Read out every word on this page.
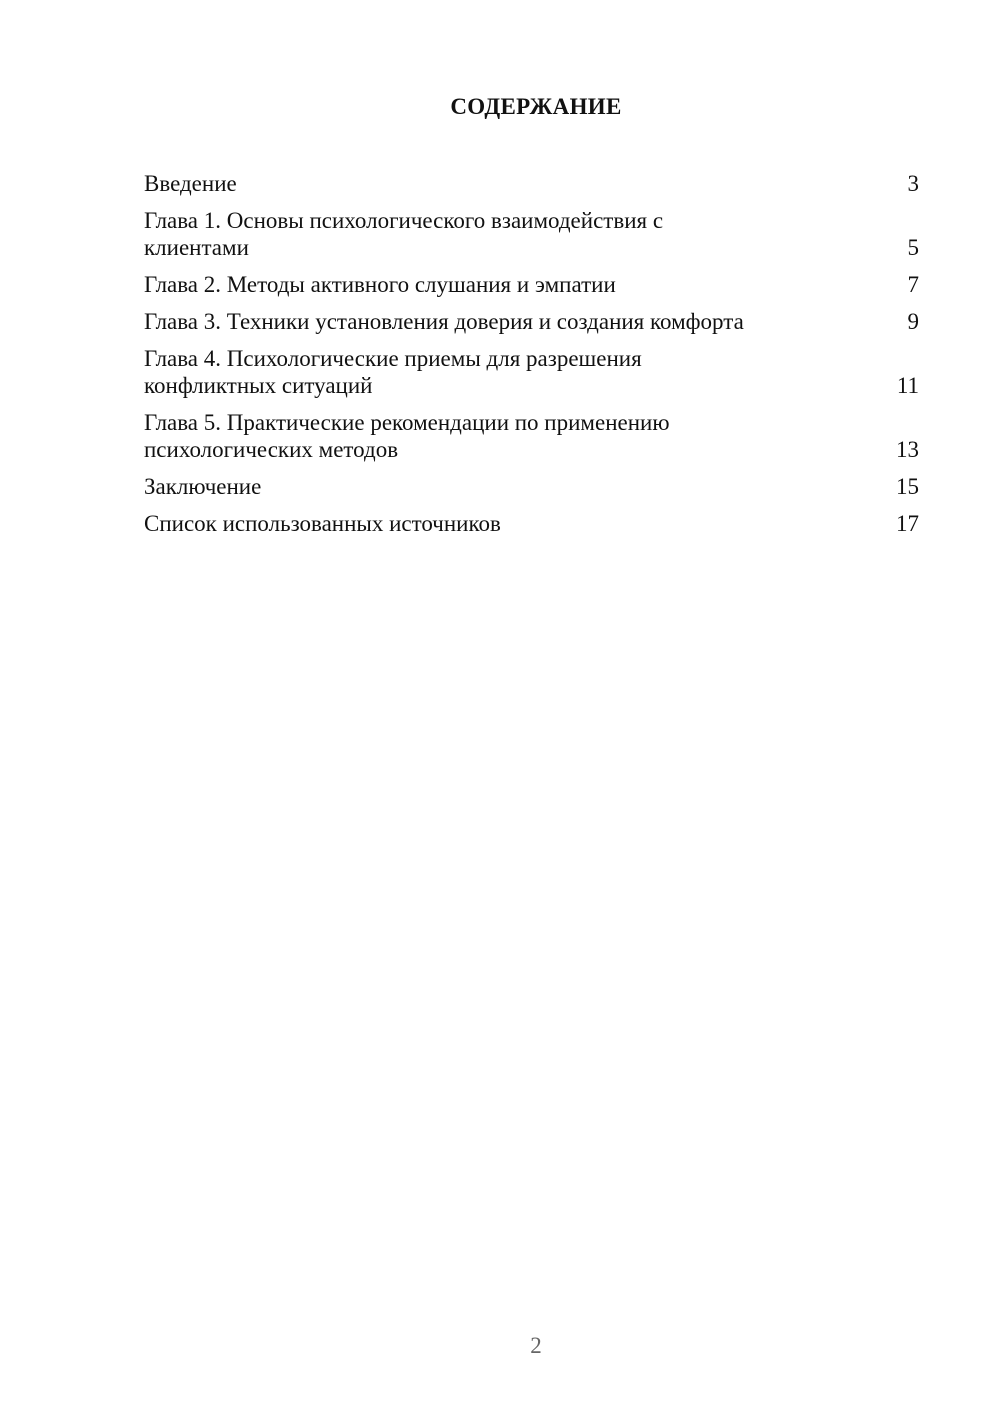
СОДЕРЖАНИЕ
Введение	3
Глава 1. Основы психологического взаимодействия с клиентами	5
Глава 2. Методы активного слушания и эмпатии	7
Глава 3. Техники установления доверия и создания комфорта	9
Глава 4. Психологические приемы для разрешения конфликтных ситуаций	11
Глава 5. Практические рекомендации по применению психологических методов	13
Заключение	15
Список использованных источников	17
2
